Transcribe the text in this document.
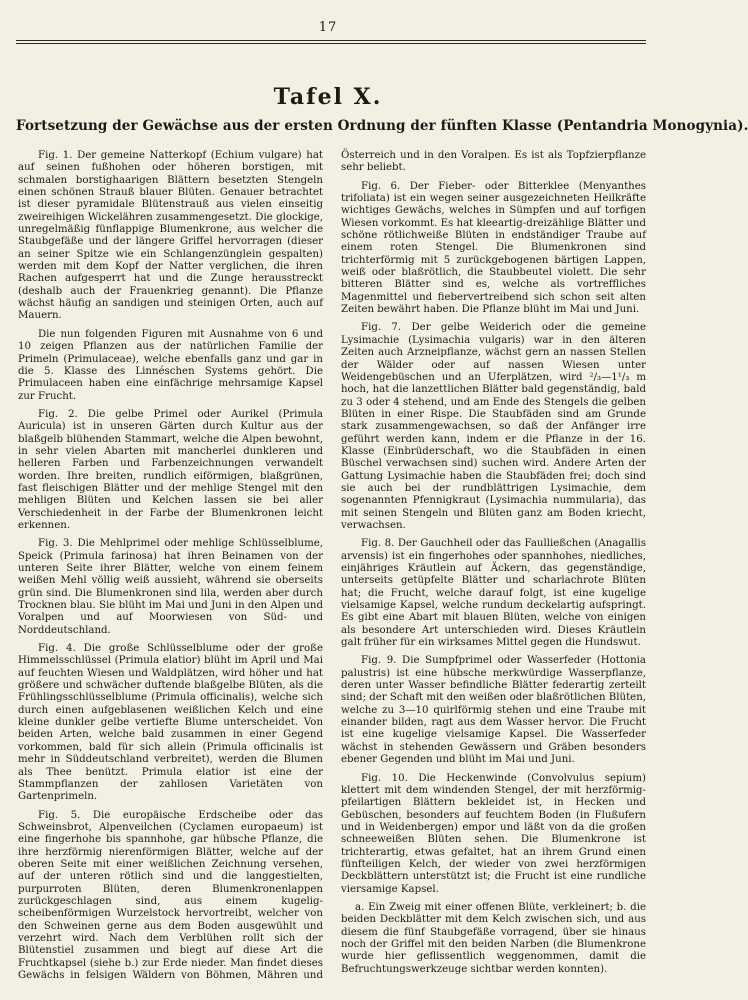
17
Tafel X.
Fortsetzung der Gewächse aus der ersten Ordnung der fünften Klasse (Pentandria Monogynia).

Fig. 1. Der gemeine Natterkopf (Echium vulgare) hat auf seinen fußhohen oder höheren borstigen, mit schmalen borstighaarigen Blättern besetzten Stengeln einen schönen Strauß blauer Blüten. Genauer betrachtet ist dieser pyramidale Blütenstrauß aus vielen einseitig zweireihigen Wickelähren zusammengesetzt. Die glockige, unregelmäßig fünflappige Blumenkrone, aus welcher die Staubgefäße und der längere Griffel hervorragen (dieser an seiner Spitze wie ein Schlangenzünglein gespalten) werden mit dem Kopf der Natter verglichen, die ihren Rachen aufgesperrt hat und die Zunge herausstreckt (deshalb auch der Frauenkrieg genannt). Die Pflanze wächst häufig an sandigen und steinigen Orten, auch auf Mauern.

Die nun folgenden Figuren mit Ausnahme von 6 und 10 zeigen Pflanzen aus der natürlichen Familie der Primeln (Primulaceae), welche ebenfalls ganz und gar in die 5. Klasse des Linnéschen Systems gehört. Die Primulaceen haben eine einfächrige mehrsamige Kapsel zur Frucht.

Fig. 2. Die gelbe Primel oder Aurikel (Primula Auricula) ist in unseren Gärten durch Kultur aus der blaßgelb blühenden Stammart, welche die Alpen bewohnt, in sehr vielen Abarten mit mancherlei dunkleren und helleren Farben und Farbenzeichnungen verwandelt worden. Ihre breiten, rundlich eiförmigen, blaßgrünen, fast fleischigen Blätter und der mehlige Stengel mit den mehligen Blüten und Kelchen lassen sie bei aller Verschiedenheit in der Farbe der Blumenkronen leicht erkennen.

Fig. 3. Die Mehlprimel oder mehlige Schlüsselblume, Speick (Primula farinosa) hat ihren Beinamen von der unteren Seite ihrer Blätter, welche von einem feinem weißen Mehl völlig weiß aussieht, während sie oberseits grün sind. Die Blumenkronen sind lila, werden aber durch Trocknen blau. Sie blüht im Mai und Juni in den Alpen und Voralpen und auf Moorwiesen von Süd- und Norddeutschland.

Fig. 4. Die große Schlüsselblume oder der große Himmelsschlüssel (Primula elatior) blüht im April und Mai auf feuchten Wiesen und Waldplätzen, wird höher und hat größere und schwächer duftende blaßgelbe Blüten, als die Frühlingsschlüsselblume (Primula officinalis), welche sich durch einen aufgeblasenen weißlichen Kelch und eine kleine dunkler gelbe vertiefte Blume unterscheidet. Von beiden Arten, welche bald zusammen in einer Gegend vorkommen, bald für sich allein (Primula officinalis ist mehr in Süddeutschland verbreitet), werden die Blumen als Thee benützt. Primula elatior ist eine der Stammpflanzen der zahllosen Varietäten von Gartenprimeln.

Fig. 5. Die europäische Erdscheibe oder das Schweinsbrot, Alpenveilchen (Cyclamen europaeum) ist eine fingerhohe bis spannhohe, gar hübsche Pflanze, die ihre herzförmig nierenförmigen Blätter, welche auf der oberen Seite mit einer weißlichen Zeichnung versehen, auf der unteren rötlich sind und die langgestielten, purpurroten Blüten, deren Blumenkronenlappen zurückgeschlagen sind, aus einem kugelig-scheibenförmigen Wurzelstock hervortreibt, welcher von den Schweinen gerne aus dem Boden ausgewühlt und verzehrt wird. Nach dem Verblühen rollt sich der Blütenstiel zusammen und biegt auf diese Art die Fruchtkapsel (siehe b.) zur Erde nieder. Man findet dieses Gewächs in felsigen Wäldern von Böhmen, Mähren und Österreich und in den Voralpen. Es ist als Topfzierpflanze sehr beliebt.

Fig. 6. Der Fieber- oder Bitterklee (Menyanthes trifoliata) ist ein wegen seiner ausgezeichneten Heilkräfte wichtiges Gewächs, welches in Sümpfen und auf torfigen Wiesen vorkommt. Es hat kleeartig-dreizählige Blätter und schöne rötlichweiße Blüten in endständiger Traube auf einem roten Stengel. Die Blumenkronen sind trichterförmig mit 5 zurückgebogenen bärtigen Lappen, weiß oder blaßrötlich, die Staubbeutel violett. Die sehr bitteren Blätter sind es, welche als vortreffliches Magenmittel und fiebervertreibend sich schon seit alten Zeiten bewährt haben. Die Pflanze blüht im Mai und Juni.

Fig. 7. Der gelbe Weiderich oder die gemeine Lysimachie (Lysimachia vulgaris) war in den älteren Zeiten auch Arzneipflanze, wächst gern an nassen Stellen der Wälder oder auf nassen Wiesen unter Weidengebüschen und an Uferplätzen, wird ²/₃—1¹/₃ m hoch, hat die lanzettlichen Blätter bald gegenständig, bald zu 3 oder 4 stehend, und am Ende des Stengels die gelben Blüten in einer Rispe. Die Staubfäden sind am Grunde stark zusammengewachsen, so daß der Anfänger irre geführt werden kann, indem er die Pflanze in der 16. Klasse (Einbrüderschaft, wo die Staubfäden in einen Büschel verwachsen sind) suchen wird. Andere Arten der Gattung Lysimachie haben die Staubfäden frei; doch sind sie auch bei der rundblättrigen Lysimachie, dem sogenannten Pfennigkraut (Lysimachia nummularia), das mit seinen Stengeln und Blüten ganz am Boden kriecht, verwachsen.

Fig. 8. Der Gauchheil oder das Faulließchen (Anagallis arvensis) ist ein fingerhohes oder spannhohes, niedliches, einjähriges Kräutlein auf Äckern, das gegenständige, unterseits getüpfelte Blätter und scharlachrote Blüten hat; die Frucht, welche darauf folgt, ist eine kugelige vielsamige Kapsel, welche rundum deckelartig aufspringt. Es gibt eine Abart mit blauen Blüten, welche von einigen als besondere Art unterschieden wird. Dieses Kräutlein galt früher für ein wirksames Mittel gegen die Hundswut.

Fig. 9. Die Sumpfprimel oder Wasserfeder (Hottonia palustris) ist eine hübsche merkwürdige Wasserpflanze, deren unter Wasser befindliche Blätter federartig zerteilt sind; der Schaft mit den weißen oder blaßrötlichen Blüten, welche zu 3—10 quirlförmig stehen und eine Traube mit einander bilden, ragt aus dem Wasser hervor. Die Frucht ist eine kugelige vielsamige Kapsel. Die Wasserfeder wächst in stehenden Gewässern und Gräben besonders ebener Gegenden und blüht im Mai und Juni.

Fig. 10. Die Heckenwinde (Convolvulus sepium) klettert mit dem windenden Stengel, der mit herzförmig-pfeilartigen Blättern bekleidet ist, in Hecken und Gebüschen, besonders auf feuchtem Boden (in Flußufern und in Weidenbergen) empor und läßt von da die großen schneeweißen Blüten sehen. Die Blumenkrone ist trichterartig, etwas gefaltet, hat an ihrem Grund einen fünfteiligen Kelch, der wieder von zwei herzförmigen Deckblättern unterstützt ist; die Frucht ist eine rundliche viersamige Kapsel.

a. Ein Zweig mit einer offenen Blüte, verkleinert; b. die beiden Deckblätter mit dem Kelch zwischen sich, und aus diesem die fünf Staubgefäße vorragend, über sie hinaus noch der Griffel mit den beiden Narben (die Blumenkrone wurde hier geflissentlich weggenommen, damit die Befruchtungswerkzeuge sichtbar werden konnten).
